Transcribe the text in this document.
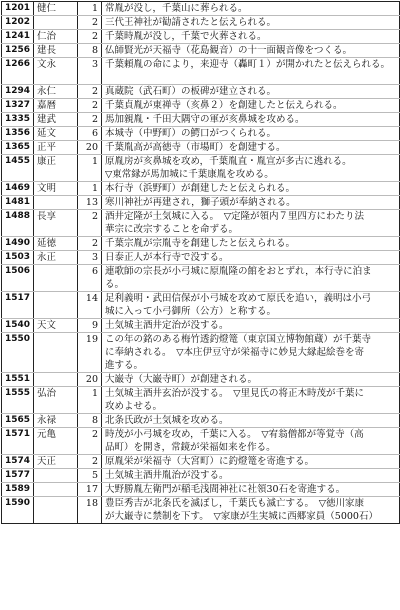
1201	健仁	1	常胤が没し，千葉山に葬られる。

1202		2	三代王神社が勧請されたと伝えられる。

1241	仁治	2	千葉時胤が没し，千葉で火葬される。

1256	建長	8	仏師賢光が天福寺（花島観音）の十一面観音像をつくる。

1266	文永	3	千葉頼胤の命により，来迎寺（轟町１）が開かれたと伝えられる。

1294	永仁	2	真蔵院（武石町）の板碑が建立される。

1327	嘉暦	2	千葉貞胤が東禅寺（亥鼻２）を創建したと伝えられる。

1335	建武	2	馬加親胤・千田大隅守の軍が亥鼻城を攻める。

1356	延文	6	本城寺（中野町）の鰐口がつくられる。

1365	正平	20	千葉胤高が高徳寺（市場町）を創建する。

1455	康正	1	原胤房が亥鼻城を攻め，千葉胤直・胤宣が多古に逃れる。
▽東常縁が馬加城に千葉康胤を攻める。

1469	文明	1	本行寺（浜野町）が創建したと伝えられる。

1481		13	寒川神社が再建され，獅子頭が奉納される。

1488	長享	2	酒井定隆が土気城に入る。　▽定隆が領内７里四方にわたり法
華宗に改宗することを命ずる。

1490	延徳	2	千葉宗胤が宗胤寺を創建したと伝えられる。

1503	永正	3	日泰正人が本行寺で没する。

1506		6	連歌師の宗長が小弓城に原胤隆の館をおとずれ，本行寺に泊ま
る。

1517		14	足利義明・武田信保が小弓城を攻めて原氏を追い，義明は小弓
城に入って小弓御所（公方）と称する。

1540	天文	9	土気城主酒井定治が没する。

1550		19	この年の銘のある梅竹透釣燈篭（東京国立博物館蔵）が千葉寺
に奉納される。　▽本庄伊豆守が栄福寺に妙見大縁起絵巻を寄
進する。

1551		20	大巌寺（大巌寺町）が創建される。

1555	弘治	1	土気城主酒井玄治が没する。　▽里見氏の将正木時茂が千葉に
攻めよせる。

1565	永禄	8	北条氏政が土気城を攻める。

1571	元亀	2	時茂が小弓城を攻め，千葉に入る。　▽宥翁僧都が等覚寺（高
品町）を開き，常鏡が栄福如来を作る。

1574	天正	2	原胤栄が栄福寺（大宮町）に釣燈篭を寄進する。

1577		5	土気城主酒井胤治が没する。

1589		17	大野勝胤左衛門が稲毛浅間神社に社領30石を寄進する。

1590		18	豊臣秀吉が北条氏を滅ぼし，千葉氏も滅亡する。　▽徳川家康
が大巌寺に禁制を下す。　▽家康が生実城に西郷家員（5000石）
